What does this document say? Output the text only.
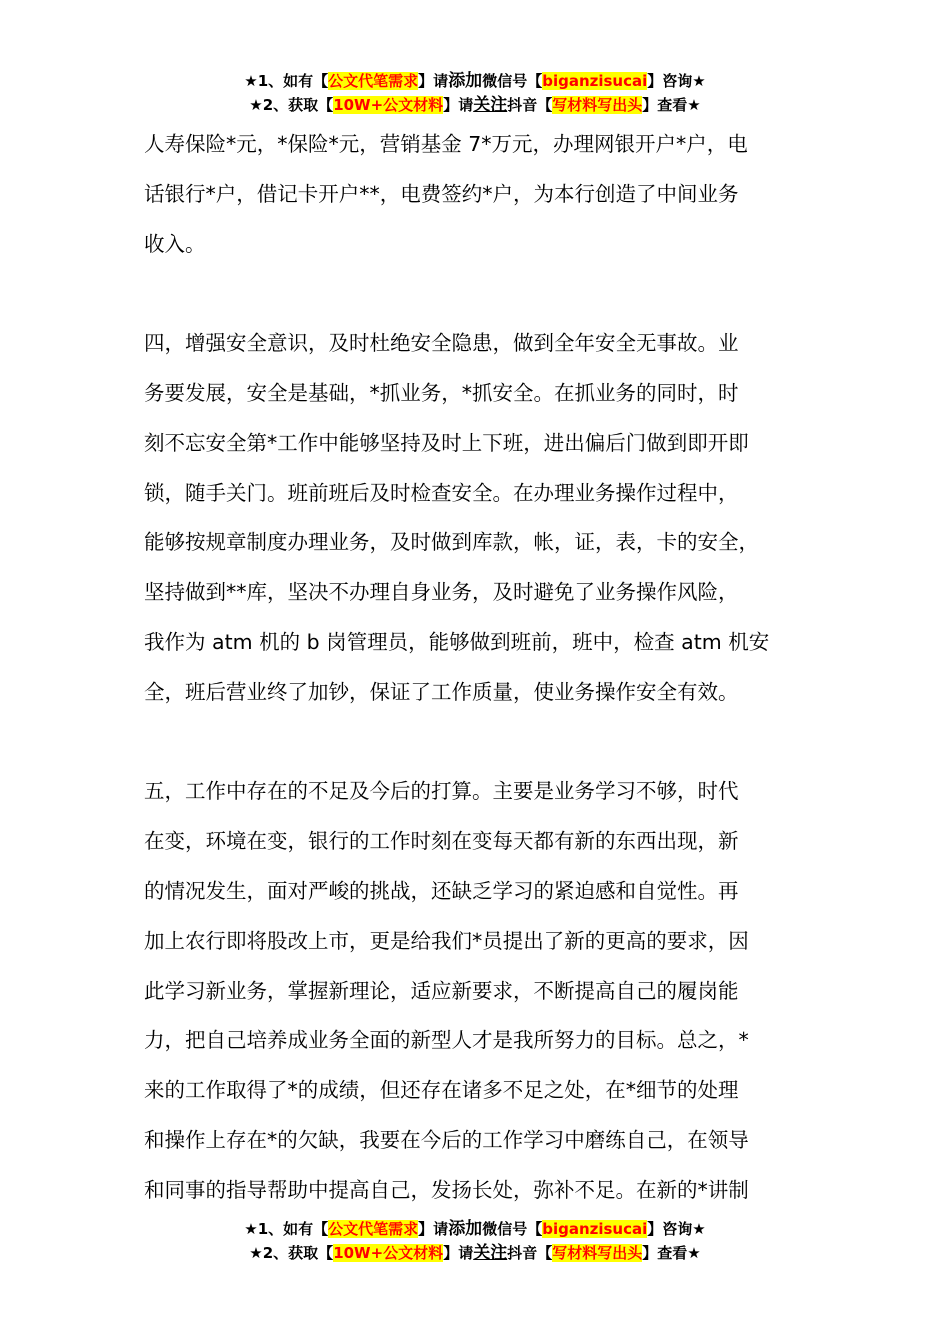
★1、如有【公文代笔需求】请添加微信号【biganzisucai】咨询★
★2、获取【10W+公文材料】请关注抖音【写材料写出头】查看★

人寿保险*元，*保险*元，营销基金 7*万元，办理网银开户*户，电
话银行*户，借记卡开户**，电费签约*户，为本行创造了中间业务
收入。

四，增强安全意识，及时杜绝安全隐患，做到全年安全无事故。业
务要发展，安全是基础，*抓业务，*抓安全。在抓业务的同时，时
刻不忘安全第*工作中能够坚持及时上下班，进出偏后门做到即开即
锁，随手关门。班前班后及时检查安全。在办理业务操作过程中，
能够按规章制度办理业务，及时做到库款，帐，证，表，卡的安全，
坚持做到**库，坚决不办理自身业务，及时避免了业务操作风险，
我作为 atm 机的 b 岗管理员，能够做到班前，班中，检查 atm 机安
全，班后营业终了加钞，保证了工作质量，使业务操作安全有效。

五，工作中存在的不足及今后的打算。主要是业务学习不够，时代
在变，环境在变，银行的工作时刻在变每天都有新的东西出现，新
的情况发生，面对严峻的挑战，还缺乏学习的紧迫感和自觉性。再
加上农行即将股改上市，更是给我们*员提出了新的更高的要求，因
此学习新业务，掌握新理论，适应新要求，不断提高自己的履岗能
力，把自己培养成业务全面的新型人才是我所努力的目标。总之，*
来的工作取得了*的成绩，但还存在诸多不足之处，在*细节的处理
和操作上存在*的欠缺，我要在今后的工作学习中磨练自己，在领导
和同事的指导帮助中提高自己，发扬长处，弥补不足。在新的*讲制

★1、如有【公文代笔需求】请添加微信号【biganzisucai】咨询★
★2、获取【10W+公文材料】请关注抖音【写材料写出头】查看★
